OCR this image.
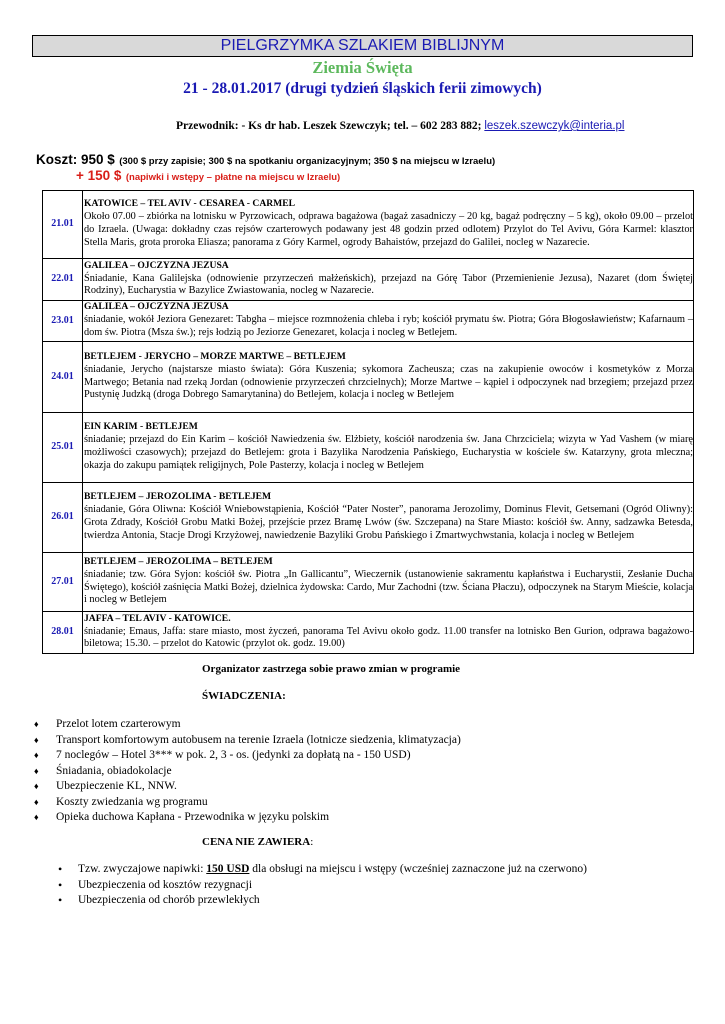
PIELGRZYMKA SZLAKIEM BIBLIJNYM
Ziemia Święta
21 - 28.01.2017 (drugi tydzień śląskich ferii zimowych)
Przewodnik: - Ks dr hab. Leszek Szewczyk; tel. – 602 283 882; leszek.szewczyk@interia.pl
Koszt: 950 $ (300 $ przy zapisie; 300 $ na spotkaniu organizacyjnym; 350 $ na miejscu w Izraelu)
+ 150 $ (napiwki i wstępy – płatne na miejscu w Izraelu)
21.01	KATOWICE – TEL AVIV - CESAREA - CARMEL
Około 07.00 – zbiórka na lotnisku w Pyrzowicach, odprawa bagażowa (bagaż zasadniczy – 20 kg, bagaż podręczny – 5 kg), około 09.00 – przelot do Izraela. (Uwaga: dokładny czas rejsów czarterowych podawany jest 48 godzin przed odlotem) Przylot do Tel Avivu, Góra Karmel: klasztor Stella Maris, grota proroka Eliasza; panorama z Góry Karmel, ogrody Bahaistów, przejazd do Galilei, nocleg w Nazarecie.
22.01	GALILEA – OJCZYZNA JEZUSA
Śniadanie, Kana Galilejska (odnowienie przyrzeczeń małżeńskich), przejazd na Górę Tabor (Przemienienie Jezusa), Nazaret (dom Świętej Rodziny), Eucharystia w Bazylice Zwiastowania, nocleg w Nazarecie.
23.01	GALILEA – OJCZYZNA JEZUSA
śniadanie, wokół Jeziora Genezaret: Tabgha – miejsce rozmnożenia chleba i ryb; kościół prymatu św. Piotra; Góra Błogosławieństw; Kafarnaum – dom św. Piotra (Msza św.); rejs łodzią po Jeziorze Genezaret, kolacja i nocleg w Betlejem.
24.01	BETLEJEM - JERYCHO – MORZE MARTWE – BETLEJEM
śniadanie, Jerycho (najstarsze miasto świata): Góra Kuszenia; sykomora Zacheusza; czas na zakupienie owoców i kosmetyków z Morza Martwego; Betania nad rzeką Jordan (odnowienie przyrzeczeń chrzcielnych); Morze Martwe – kąpiel i odpoczynek nad brzegiem; przejazd przez Pustynię Judzką (droga Dobrego Samarytanina) do Betlejem, kolacja i nocleg w Betlejem
25.01	EIN KARIM - BETLEJEM
śniadanie; przejazd do Ein Karim – kościół Nawiedzenia św. Elżbiety, kościół narodzenia św. Jana Chrzciciela; wizyta w Yad Vashem (w miarę możliwości czasowych); przejazd do Betlejem: grota i Bazylika Narodzenia Pańskiego, Eucharystia w kościele św. Katarzyny, grota mleczna; okazja do zakupu pamiątek religijnych, Pole Pasterzy, kolacja i nocleg w Betlejem
26.01	BETLEJEM – JEROZOLIMA - BETLEJEM
śniadanie, Góra Oliwna: Kościół Wniebowstąpienia, Kościół “Pater Noster”, panorama Jerozolimy, Dominus Flevit, Getsemani (Ogród Oliwny): Grota Zdrady, Kościół Grobu Matki Bożej, przejście przez Bramę Lwów (św. Szczepana) na Stare Miasto: kościół św. Anny, sadzawka Betesda, twierdza Antonia, Stacje Drogi Krzyżowej, nawiedzenie Bazyliki Grobu Pańskiego i Zmartwychwstania, kolacja i nocleg w Betlejem
27.01	BETLEJEM – JEROZOLIMA – BETLEJEM
śniadanie; tzw. Góra Syjon: kościół św. Piotra „In Gallicantu”, Wieczernik (ustanowienie sakramentu kapłaństwa i Eucharystii, Zesłanie Ducha Świętego), kościół zaśnięcia Matki Bożej, dzielnica żydowska: Cardo, Mur Zachodni (tzw. Ściana Płaczu), odpoczynek na Starym Mieście, kolacja i nocleg w Betlejem
28.01	JAFFA – TEL AVIV - KATOWICE.
śniadanie; Emaus, Jaffa: stare miasto, most życzeń, panorama Tel Avivu około godz. 11.00 transfer na lotnisko Ben Gurion, odprawa bagażowo-biletowa; 15.30. – przelot do Katowic (przylot ok. godz. 19.00)
Organizator zastrzega sobie prawo zmian w programie
ŚWIADCZENIA:
♦	Przelot lotem czarterowym
♦	Transport komfortowym autobusem na terenie Izraela (lotnicze siedzenia, klimatyzacja)
♦	7 noclegów – Hotel 3*** w pok. 2, 3 - os. (jedynki za dopłatą na - 150 USD)
♦	Śniadania, obiadokolacje
♦	Ubezpieczenie KL, NNW.
♦	Koszty zwiedzania wg programu
♦	Opieka duchowa Kapłana - Przewodnika w języku polskim
CENA NIE ZAWIERA:
•	Tzw. zwyczajowe napiwki: 150 USD dla obsługi na miejscu i wstępy (wcześniej zaznaczone już na czerwono)
•	Ubezpieczenia od kosztów rezygnacji
•	Ubezpieczenia od chorób przewlekłych
